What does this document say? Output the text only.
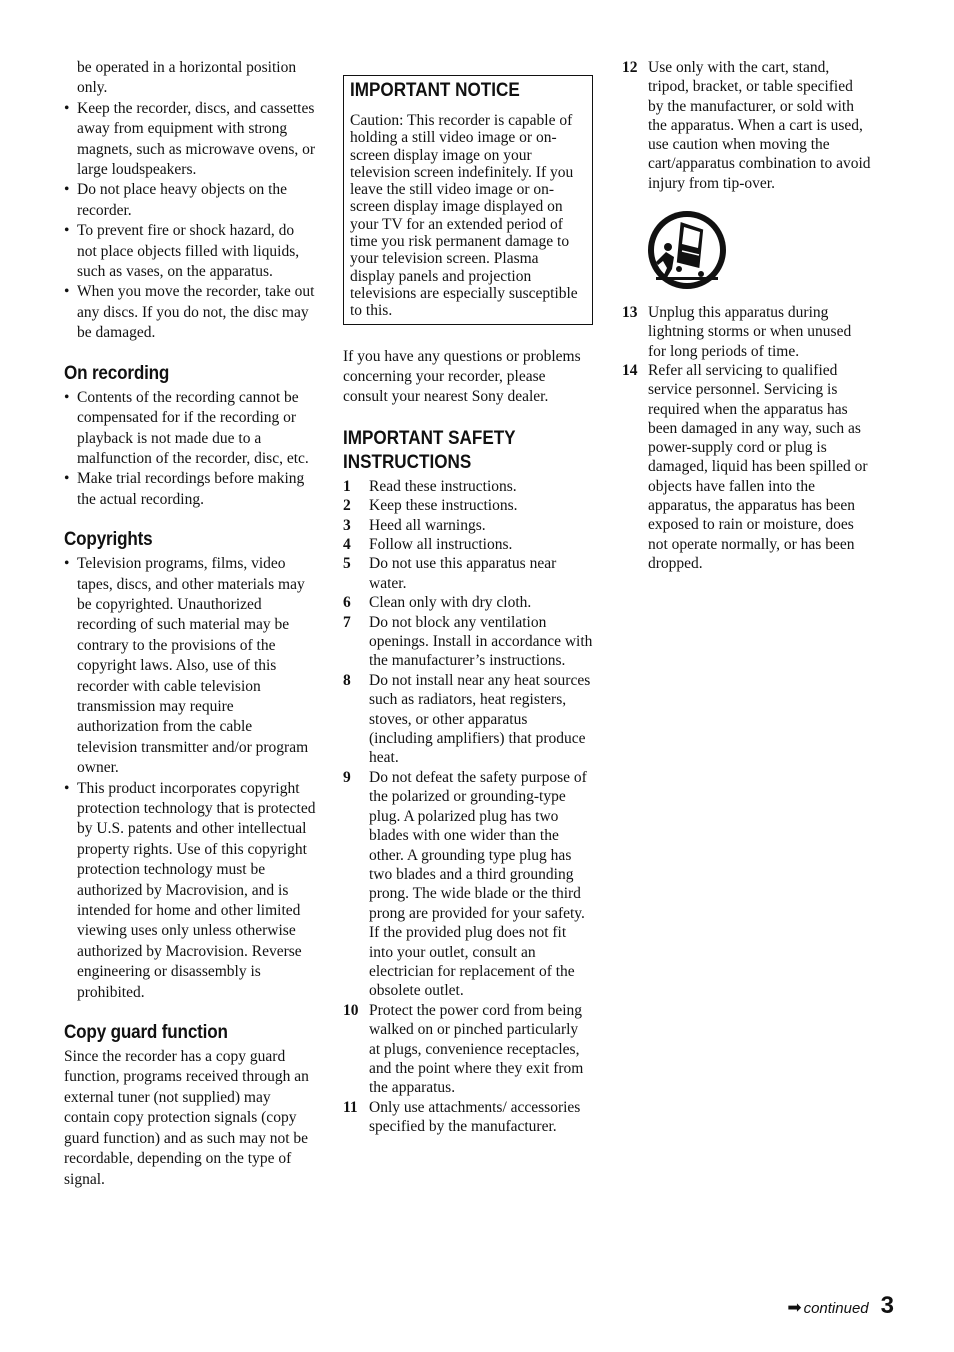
be operated in a horizontal position only.

• Keep the recorder, discs, and cassettes away from equipment with strong magnets, such as microwave ovens, or large loudspeakers.
• Do not place heavy objects on the recorder.
• To prevent fire or shock hazard, do not place objects filled with liquids, such as vases, on the apparatus.
• When you move the recorder, take out any discs. If you do not, the disc may be damaged.
On recording
• Contents of the recording cannot be compensated for if the recording or playback is not made due to a malfunction of the recorder, disc, etc.
• Make trial recordings before making the actual recording.
Copyrights
• Television programs, films, video tapes, discs, and other materials may be copyrighted. Unauthorized recording of such material may be contrary to the provisions of the copyright laws. Also, use of this recorder with cable television transmission may require authorization from the cable television transmitter and/or program owner.
• This product incorporates copyright protection technology that is protected by U.S. patents and other intellectual property rights. Use of this copyright protection technology must be authorized by Macrovision, and is intended for home and other limited viewing uses only unless otherwise authorized by Macrovision. Reverse engineering or disassembly is prohibited.
Copy guard function

Since the recorder has a copy guard function, programs received through an external tuner (not supplied) may contain copy protection signals (copy guard function) and as such may not be recordable, depending on the type of signal.

IMPORTANT NOTICE

Caution: This recorder is capable of holding a still video image or on-screen display image on your television screen indefinitely. If you leave the still video image or on-screen display image displayed on your TV for an extended period of time you risk permanent damage to your television screen. Plasma display panels and projection televisions are especially susceptible to this.

If you have any questions or problems concerning your recorder, please consult your nearest Sony dealer.

IMPORTANT SAFETY INSTRUCTIONS
1 Read these instructions.
2 Keep these instructions.
3 Heed all warnings.
4 Follow all instructions.
5 Do not use this apparatus near water.
6 Clean only with dry cloth.
7 Do not block any ventilation openings. Install in accordance with the manufacturer’s instructions.
8 Do not install near any heat sources such as radiators, heat registers, stoves, or other apparatus (including amplifiers) that produce heat.
9 Do not defeat the safety purpose of the polarized or grounding-type plug. A polarized plug has two blades with one wider than the other. A grounding type plug has two blades and a third grounding prong. The wide blade or the third prong are provided for your safety. If the provided plug does not fit into your outlet, consult an electrician for replacement of the obsolete outlet.
10 Protect the power cord from being walked on or pinched particularly at plugs, convenience receptacles, and the point where they exit from the apparatus.
11 Only use attachments/ accessories specified by the manufacturer.
12 Use only with the cart, stand, tripod, bracket, or table specified by the manufacturer, or sold with the apparatus. When a cart is used, use caution when moving the cart/apparatus combination to avoid injury from tip-over.
13 Unplug this apparatus during lightning storms or when unused for long periods of time.
14 Refer all servicing to qualified service personnel. Servicing is required when the apparatus has been damaged in any way, such as power-supply cord or plug is damaged, liquid has been spilled or objects have fallen into the apparatus, the apparatus has been exposed to rain or moisture, does not operate normally, or has been dropped.
➡ continued 3
